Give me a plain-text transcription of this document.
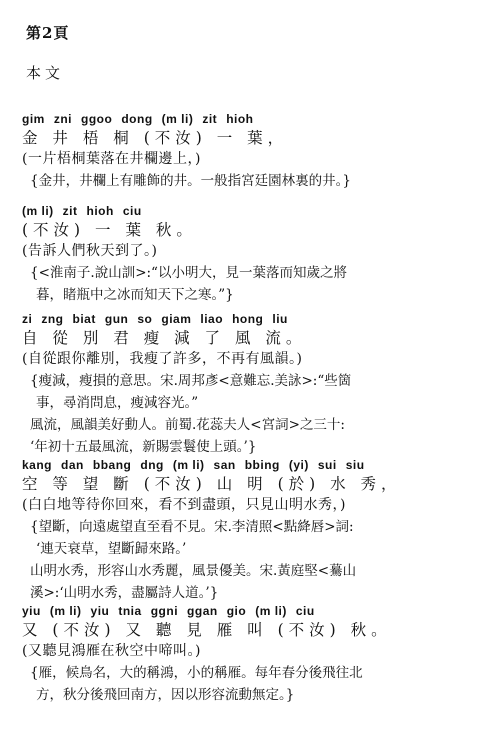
第2頁
本文
gim zni ggoo dong (m li) zit hioh
金 井 梧 桐 (不汝) 一 葉，
(一片梧桐葉落在井欄邊上，)
{金井，井欄上有雕飾的井。一般指宮廷園林裏的井。}
(m li) zit hioh ciu
(不汝) 一 葉 秋。
(告訴人們秋天到了。)
{<淮南子.說山訓>:“以小明大，見一葉落而知歲之將
暮，睹瓶中之冰而知天下之寒。”}
zi zng biat gun so giam liao hong liu
自 從 別 君 瘦 減 了 風 流。
(自從跟你離別，我瘦了許多，不再有風韻。)
{瘦減，瘦損的意思。宋.周邦彥<意難忘.美詠>:“些箇
事，尋消問息，瘦減容光。”
風流，風韻美好動人。前蜀.花蕊夫人<宮詞>之三十:
‘年初十五最風流，新賜雲鬟使上頭。’}
kang dan bbang dng (m li) san bbing (yi) sui siu
空 等 望 斷 (不汝) 山 明 (於) 水 秀，
(白白地等待你回來，看不到盡頭，只見山明水秀，)
{望斷，向遠處望直至看不見。宋.李清照<點絳唇>詞:
‘連天衰草，望斷歸來路。’
山明水秀，形容山水秀麗，風景優美。宋.黃庭堅<驀山
溪>:‘山明水秀，盡屬詩人道。’}
yiu (m li) yiu tnia ggni ggan gio (m li) ciu
又 (不汝) 又 聽 見 雁 叫 (不汝) 秋。
(又聽見鴻雁在秋空中啼叫。)
{雁，候鳥名，大的稱鴻，小的稱雁。每年春分後飛往北
方，秋分後飛回南方，因以形容流動無定。}
